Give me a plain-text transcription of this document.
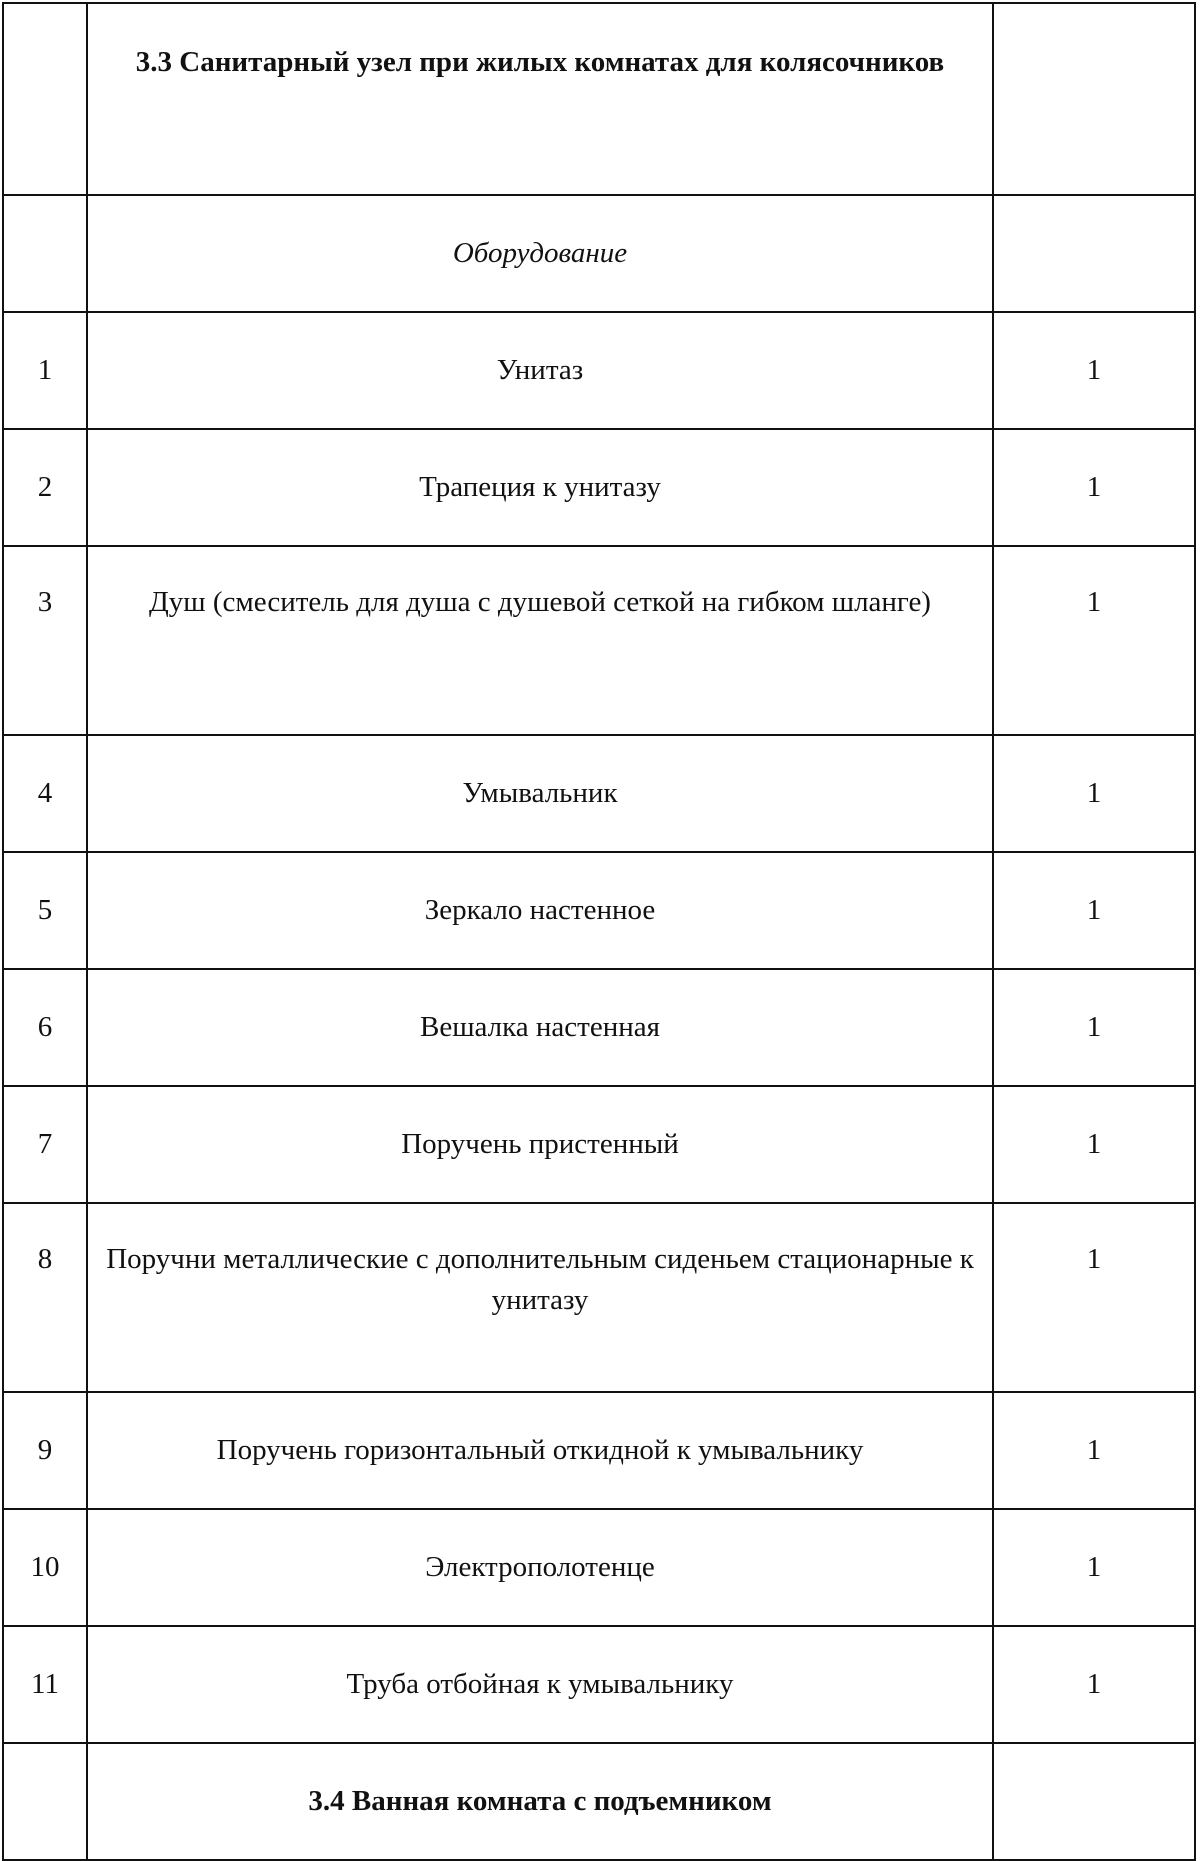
	3.3 Санитарный узел при жилых комнатах для колясочников	
	Оборудование	
1	Унитаз	1
2	Трапеция к унитазу	1
3	Душ (смеситель для душа с душевой сеткой на гибком шланге)	1
4	Умывальник	1
5	Зеркало настенное	1
6	Вешалка настенная	1
7	Поручень пристенный	1
8	Поручни металлические с дополнительным сиденьем стационарные к унитазу	1
9	Поручень горизонтальный откидной к умывальнику	1
10	Электрополотенце	1
11	Труба отбойная к умывальнику	1
	3.4 Ванная комната с подъемником	
